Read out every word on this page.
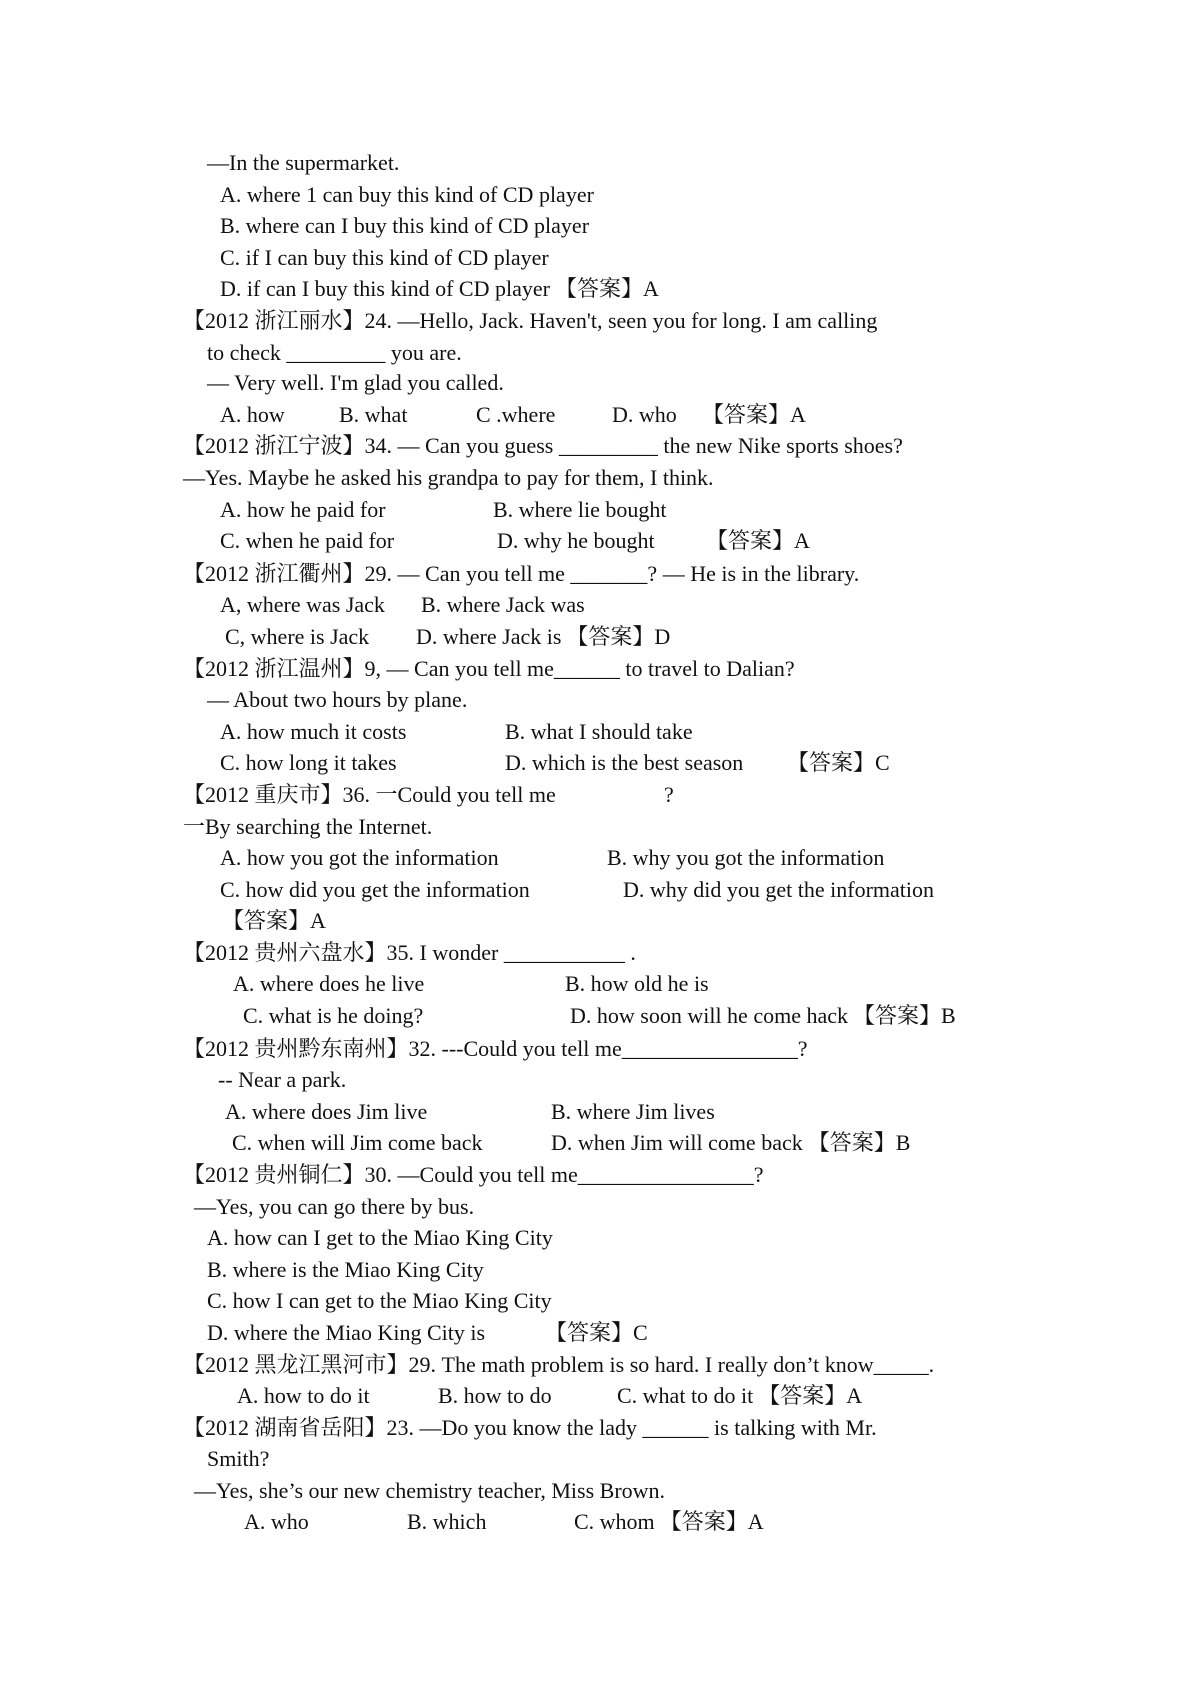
—In the supermarket.
A. where 1 can buy this kind of CD player
B. where can I buy this kind of CD player
C. if I can buy this kind of CD player
D. if can I buy this kind of CD player 【答案】A
【2012 浙江丽水】24. —Hello, Jack. Haven't, seen you for long. I am calling
to check _________ you are.
— Very well. I'm glad you called.
A. how B. what	C .where	D. who 【答案】A
【2012 浙江宁波】34. — Can you guess _________ the new Nike sports shoes?
—Yes. Maybe he asked his grandpa to pay for them, I think.
A. how he paid for	B. where lie bought
C. when he paid for	D. why he bought 【答案】A
【2012 浙江衢州】29. — Can you tell me _______? — He is in the library.
A, where was Jack B. where Jack was
C, where is Jack D. where Jack is 【答案】D
【2012 浙江温州】9, — Can you tell me______ to travel to Dalian?
— About two hours by plane.
A. how much it costs	B. what I should take
C. how long it takes	D. which is the best season 【答案】C
【2012 重庆市】36. 一Could you tell me	?
一By searching the Internet.
A. how you got the information	B. why you got the information
C. how did you get the information	D. why did you get the information
【答案】A
【2012 贵州六盘水】35. I wonder ___________ .
A. where does he live	B. how old he is
C. what is he doing?	D. how soon will he come hack 【答案】B
【2012 贵州黔东南州】32. ---Could you tell me________________?
-- Near a park.
A. where does Jim live	B. where Jim lives
C. when will Jim come back	D. when Jim will come back 【答案】B
【2012 贵州铜仁】30. —Could you tell me________________?
—Yes, you can go there by bus.
A. how can I get to the Miao King City
B. where is the Miao King City
C. how I can get to the Miao King City
D. where the Miao King City is	【答案】C
【2012 黑龙江黑河市】29. The math problem is so hard. I really don’t know_____.
A. how to do it	B. how to do	C. what to do it 【答案】A
【2012 湖南省岳阳】23. —Do you know the lady ______ is talking with Mr.
Smith?
—Yes, she’s our new chemistry teacher, Miss Brown.
A. who	B. which	C. whom 【答案】A
